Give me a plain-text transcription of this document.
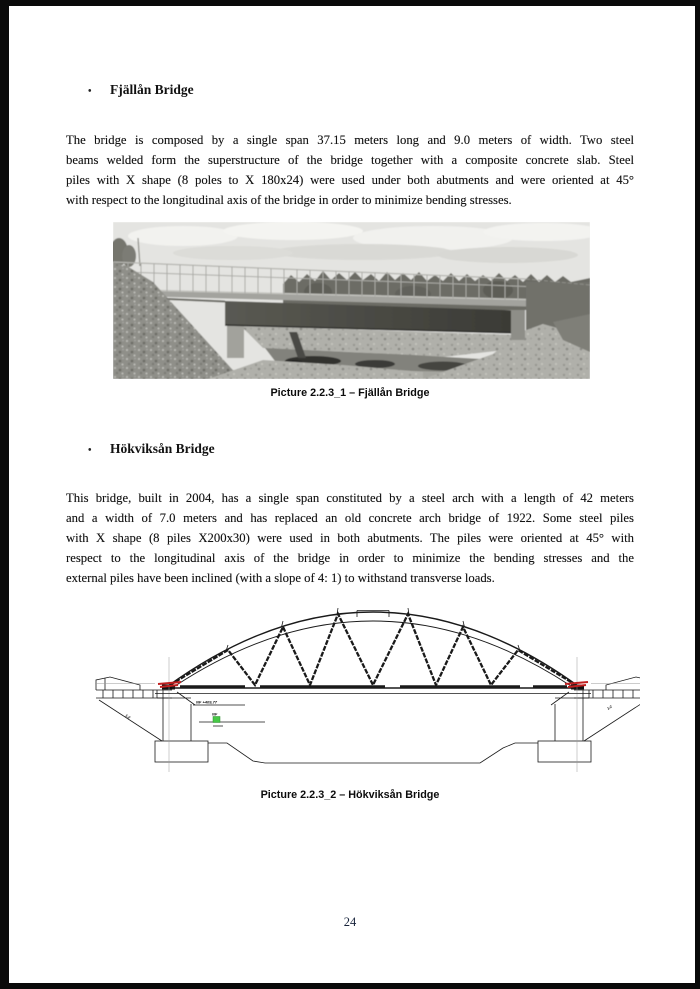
•	Fjällån Bridge
The bridge is composed by a single span 37.15 meters long and 9.0 meters of width. Two steel
beams welded form the superstructure of the bridge together with a composite concrete slab. Steel
piles with X shape (8 poles to X 180x24) were used under both abutments and were oriented at 45°
with respect to the longitudinal axis of the bridge in order to minimize bending stresses.
Picture 2.2.3_1 – Fjällån Bridge
•	Hökviksån Bridge
This bridge, built in 2004, has a single span constituted by a steel arch with a length of 42 meters
and a width of 7.0 meters and has replaced an old concrete arch bridge of 1922. Some steel piles
with X shape (8 piles X200x30) were used in both abutments. The piles were oriented at 45° with
respect to the longitudinal axis of the bridge in order to minimize the bending stresses and the
external piles have been inclined (with a slope of 4: 1) to withstand transverse loads.
NF +409,77
NF
1:2
1:2
Picture 2.2.3_2 – Hökviksån Bridge
24
